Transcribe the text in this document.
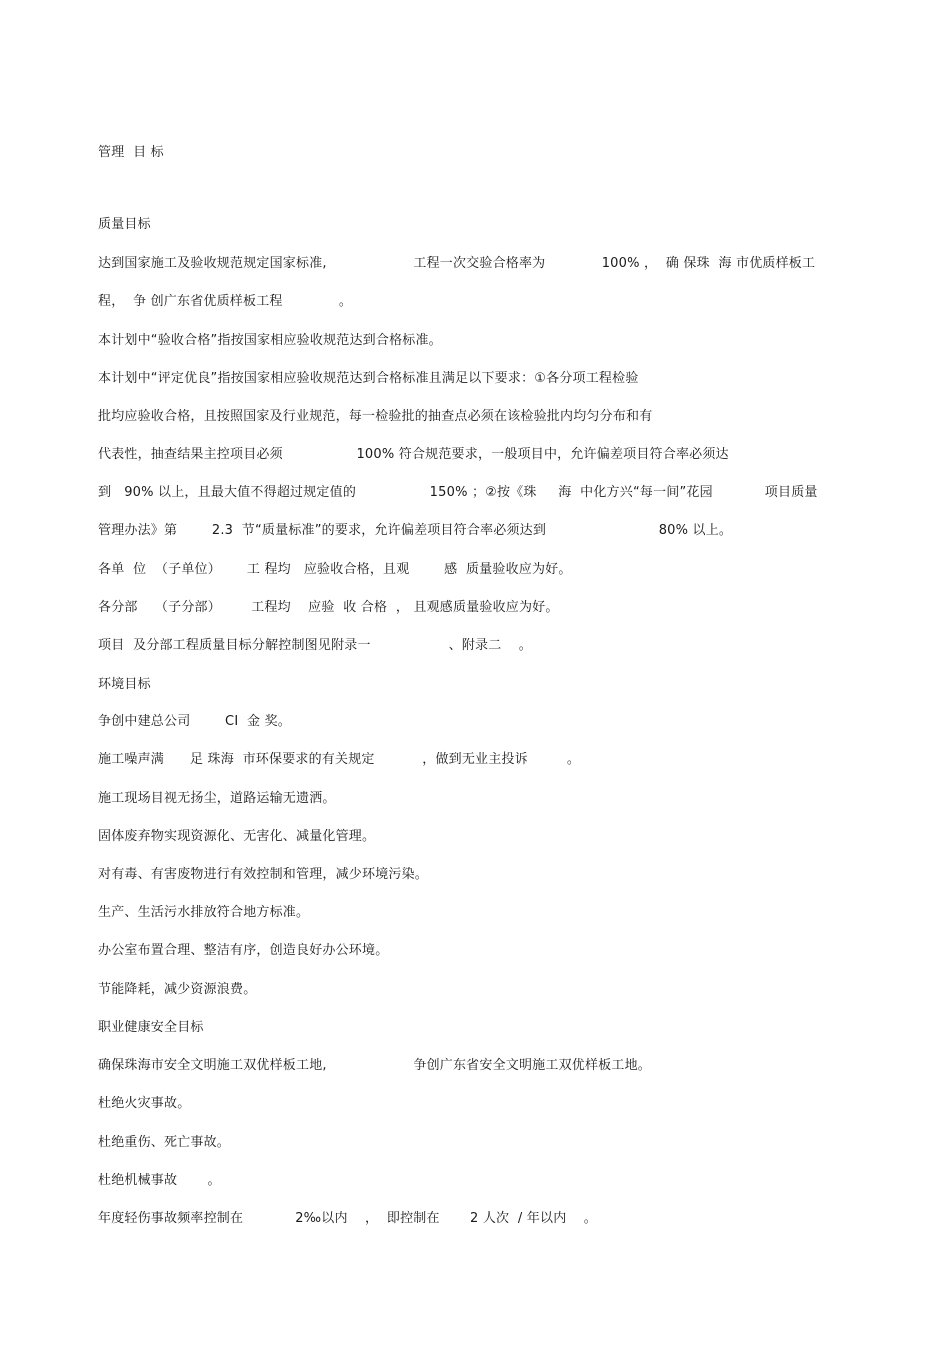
管理  目 标
质量目标
达到国家施工及验收规范规定国家标准,                    工程一次交验合格率为             100% ，  确 保珠  海 市优质样板工
程，  争 创广东省优质样板工程             。
本计划中“验收合格”指按国家相应验收规范达到合格标准。
本计划中“评定优良”指按国家相应验收规范达到合格标准且满足以下要求：①各分项工程检验
批均应验收合格，且按照国家及行业规范，每一检验批的抽查点必须在该检验批内均匀分布和有
代表性，抽查结果主控项目必须                 100% 符合规范要求，一般项目中，允许偏差项目符合率必须达
到   90% 以上，且最大值不得超过规定值的                 150% ；②按《珠     海  中化方兴“每一间”花园            项目质量
管理办法》第        2.3  节“质量标准”的要求，允许偏差项目符合率必须达到                          80% 以上。
各单  位  （子单位）      工 程均   应验收合格，且观        感  质量验收应为好。
各分部    （子分部）       工程均    应验  收 合格  ， 且观感质量验收应为好。
项目  及分部工程质量目标分解控制图见附录一                  、附录二    。
环境目标
争创中建总公司        CI  金 奖。
施工噪声满      足 珠海  市环保要求的有关规定           ，做到无业主投诉         。
施工现场目视无扬尘，道路运输无遗洒。
固体废弃物实现资源化、无害化、减量化管理。
对有毒、有害废物进行有效控制和管理，减少环境污染。
生产、生活污水排放符合地方标准。
办公室布置合理、整洁有序，创造良好办公环境。
节能降耗，减少资源浪费。
职业健康安全目标
确保珠海市安全文明施工双优样板工地,                    争创广东省安全文明施工双优样板工地。
杜绝火灾事故。
杜绝重伤、死亡事故。
杜绝机械事故       。
年度轻伤事故频率控制在            2‰以内    ，  即控制在       2 人次  / 年以内    。
